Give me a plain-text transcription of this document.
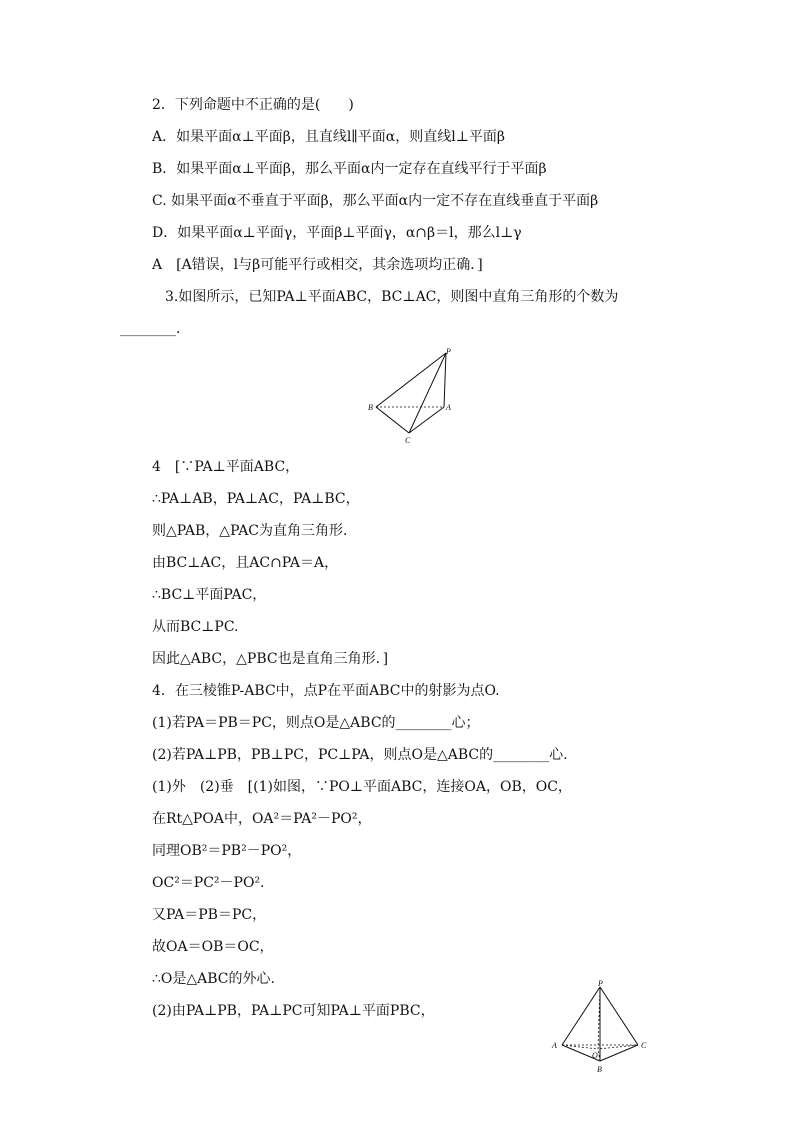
2．下列命题中不正确的是(　　)
A．如果平面α⊥平面β，且直线l∥平面α，则直线l⊥平面β
B．如果平面α⊥平面β，那么平面α内一定存在直线平行于平面β
C. 如果平面α不垂直于平面β，那么平面α内一定不存在直线垂直于平面β
D．如果平面α⊥平面γ，平面β⊥平面γ，α∩β＝l，那么l⊥γ
A　[A错误，l与β可能平行或相交，其余选项均正确．]
3.如图所示，已知PA⊥平面ABC，BC⊥AC，则图中直角三角形的个数为
________．
4　[∵PA⊥平面ABC，
∴PA⊥AB，PA⊥AC，PA⊥BC，
则△PAB，△PAC为直角三角形．
由BC⊥AC，且AC∩PA＝A，
∴BC⊥平面PAC，
从而BC⊥PC.
因此△ABC，△PBC也是直角三角形．]
4．在三棱锥P-ABC中，点P在平面ABC中的射影为点O.
(1)若PA＝PB＝PC，则点O是△ABC的________心；
(2)若PA⊥PB，PB⊥PC，PC⊥PA，则点O是△ABC的________心.
(1)外　(2)垂　[(1)如图，∵PO⊥平面ABC，连接OA，OB，OC，
在Rt△POA中，OA²＝PA²－PO²，
同理OB²＝PB²－PO²，
OC²＝PC²－PO².
又PA＝PB＝PC，
故OA＝OB＝OC，
∴O是△ABC的外心.
(2)由PA⊥PB，PA⊥PC可知PA⊥平面PBC，
P
B	A
C
P
A
O
C
B
